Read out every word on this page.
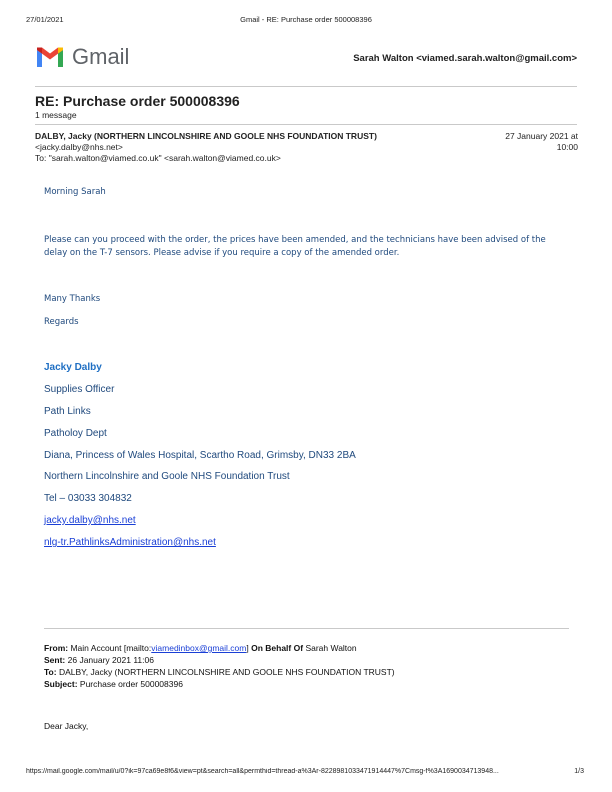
27/01/2021	Gmail - RE: Purchase order 500008396
Gmail	Sarah Walton <viamed.sarah.walton@gmail.com>
RE: Purchase order 500008396
1 message
DALBY, Jacky (NORTHERN LINCOLNSHIRE AND GOOLE NHS FOUNDATION TRUST)
<jacky.dalby@nhs.net>
To: "sarah.walton@viamed.co.uk" <sarah.walton@viamed.co.uk>
27 January 2021 at
10:00
Morning Sarah
Please can you proceed with the order, the prices have been amended, and the technicians have been advised of the
delay on the T-7 sensors. Please advise if you require a copy of the amended order.
Many Thanks
Regards
Jacky Dalby
Supplies Officer
Path Links
Patholoy Dept
Diana, Princess of Wales Hospital, Scartho Road, Grimsby, DN33 2BA
Northern Lincolnshire and Goole NHS Foundation Trust
Tel – 03033 304832
jacky.dalby@nhs.net
nlg-tr.PathlinksAdministration@nhs.net
From: Main Account [mailto:viamedinbox@gmail.com] On Behalf Of Sarah Walton
Sent: 26 January 2021 11:06
To: DALBY, Jacky (NORTHERN LINCOLNSHIRE AND GOOLE NHS FOUNDATION TRUST)
Subject: Purchase order 500008396
Dear Jacky,
https://mail.google.com/mail/u/0?ik=97ca69e8f6&view=pt&search=all&permthid=thread-a%3Ar-8228981033471914447%7Cmsg-f%3A1690034713948...	1/3
